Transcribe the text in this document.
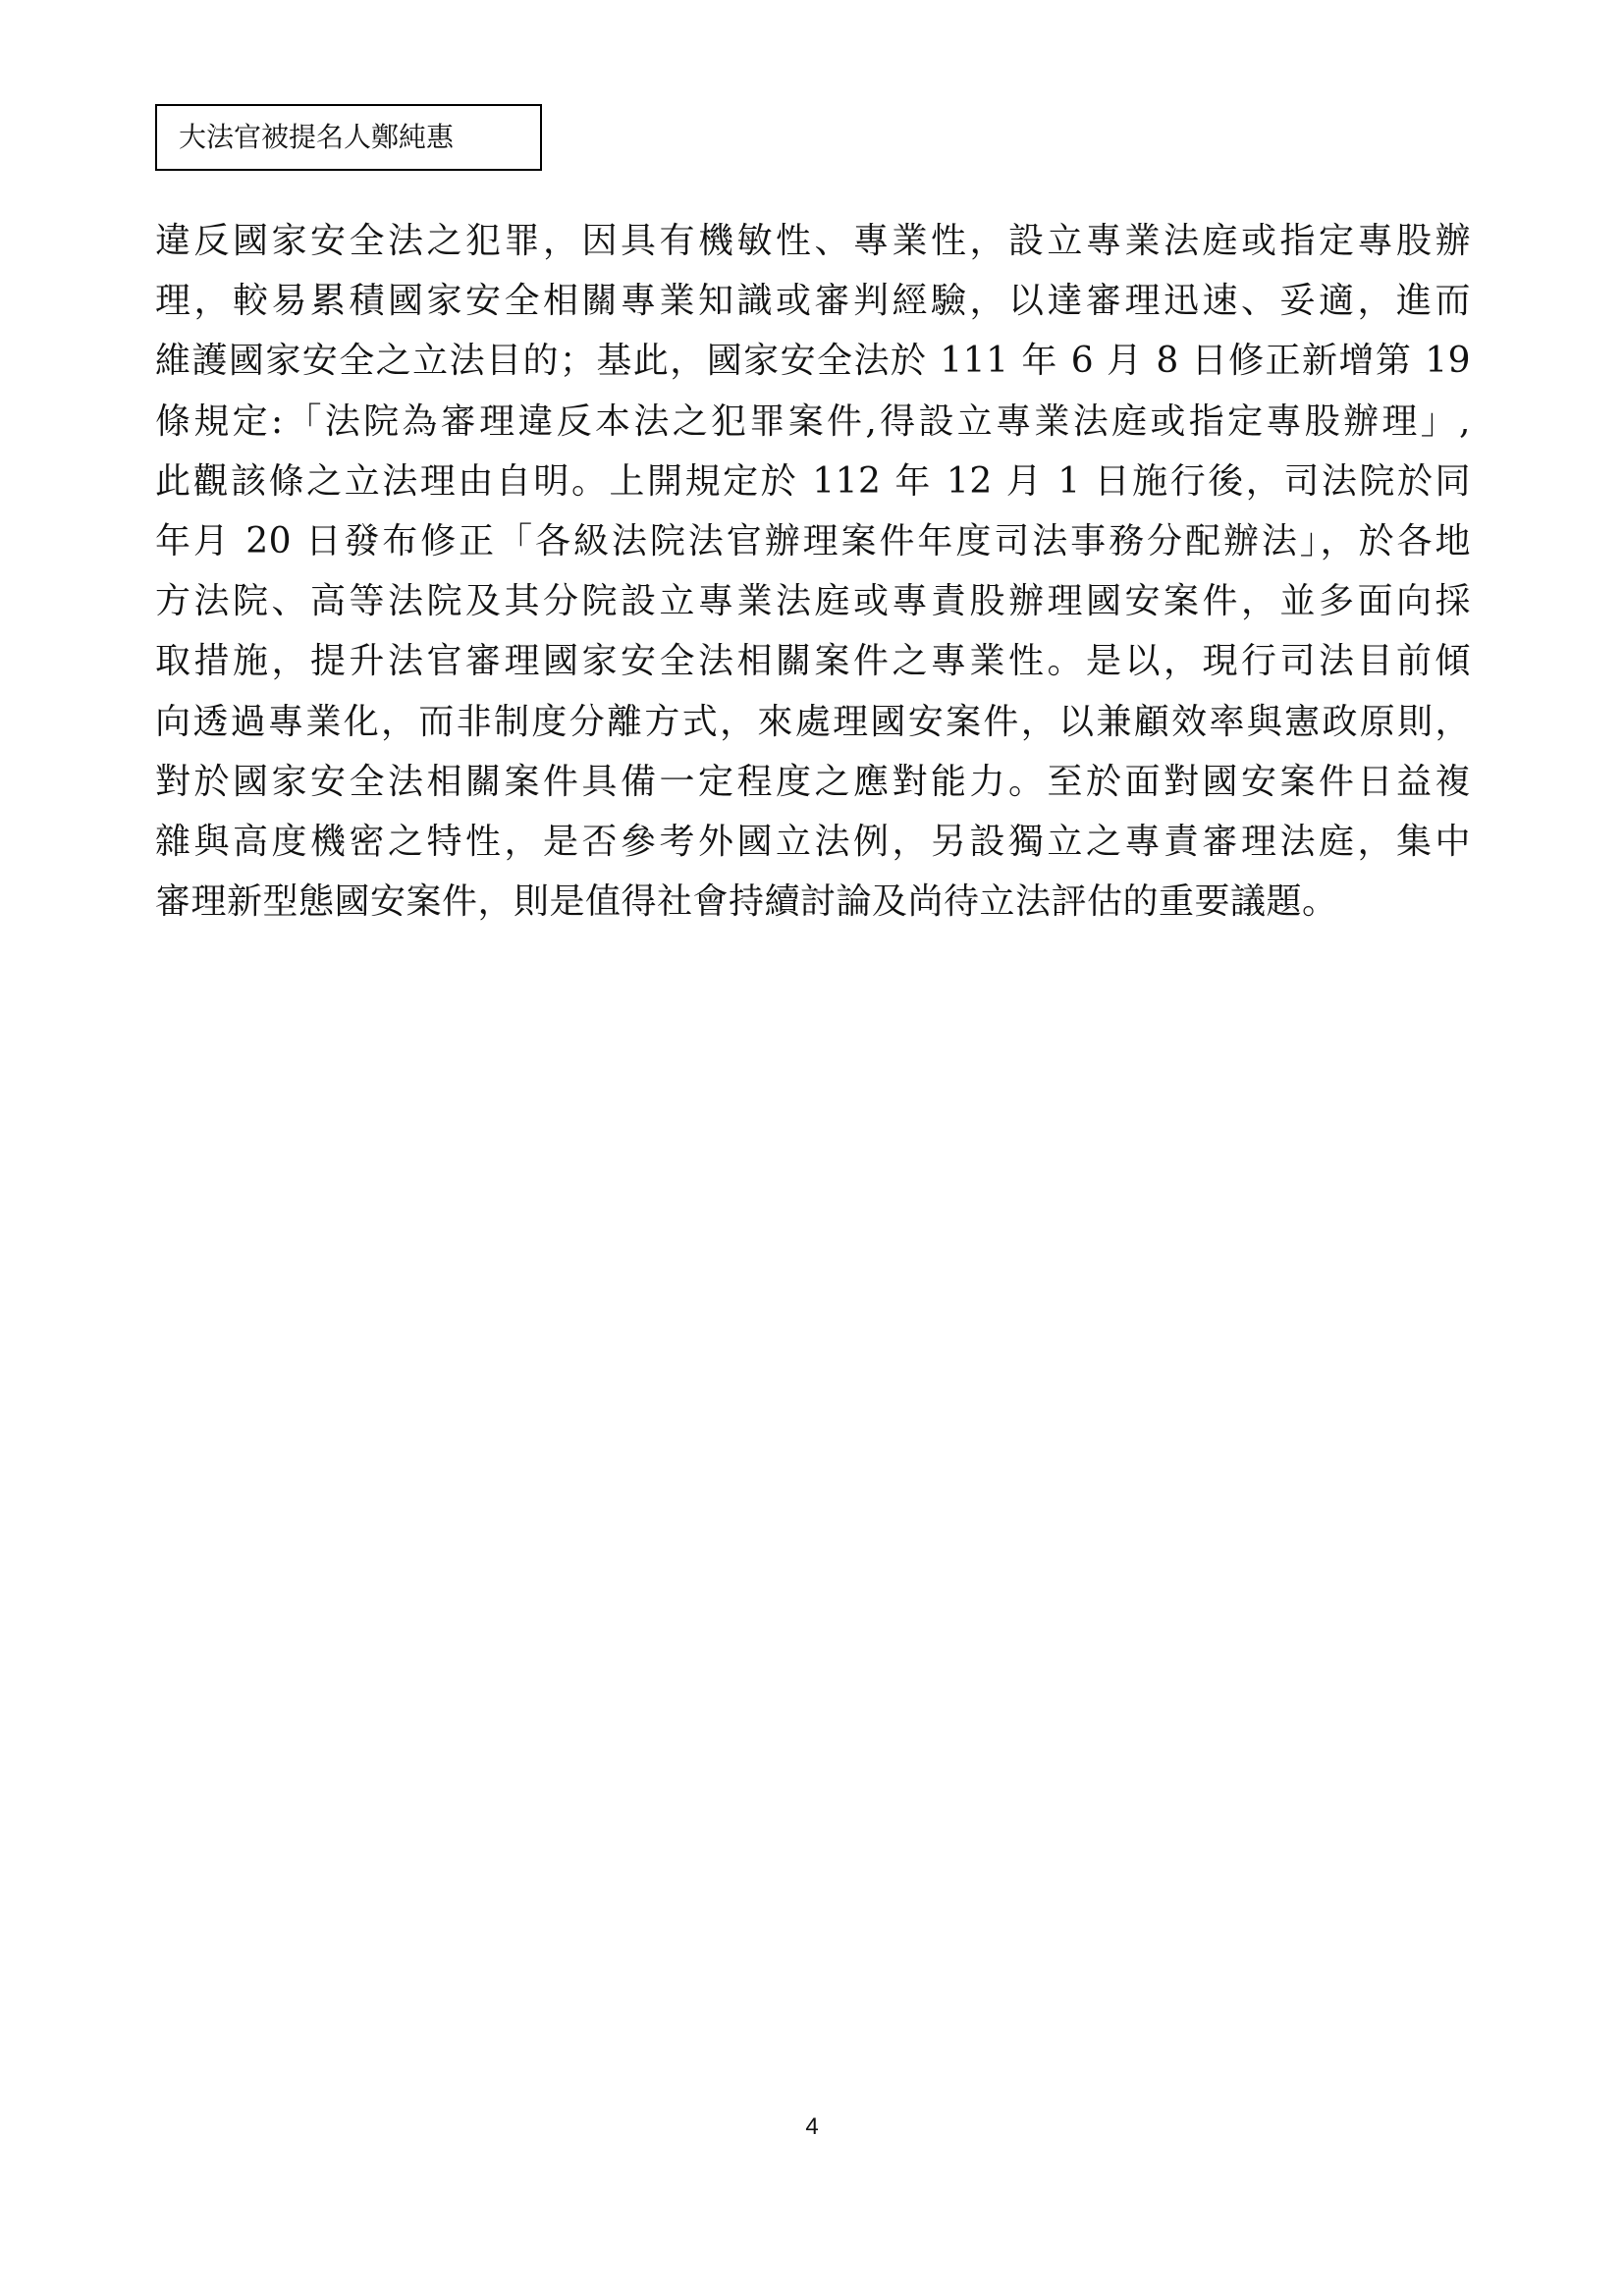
大法官被提名人鄭純惠
違反國家安全法之犯罪，因具有機敏性、專業性，設立專業法庭或指定專股辦
理，較易累積國家安全相關專業知識或審判經驗，以達審理迅速、妥適，進而
維護國家安全之立法目的；基此，國家安全法於 111 年 6 月 8 日修正新增第 19
條規定:「法院為審理違反本法之犯罪案件,得設立專業法庭或指定專股辦理」,
此觀該條之立法理由自明。上開規定於 112 年 12 月 1 日施行後，司法院於同
年月 20 日發布修正「各級法院法官辦理案件年度司法事務分配辦法」，於各地
方法院、高等法院及其分院設立專業法庭或專責股辦理國安案件，並多面向採
取措施，提升法官審理國家安全法相關案件之專業性。是以，現行司法目前傾
向透過專業化，而非制度分離方式，來處理國安案件，以兼顧效率與憲政原則，
對於國家安全法相關案件具備一定程度之應對能力。至於面對國安案件日益複
雜與高度機密之特性，是否參考外國立法例，另設獨立之專責審理法庭，集中
審理新型態國安案件，則是值得社會持續討論及尚待立法評估的重要議題。
4
